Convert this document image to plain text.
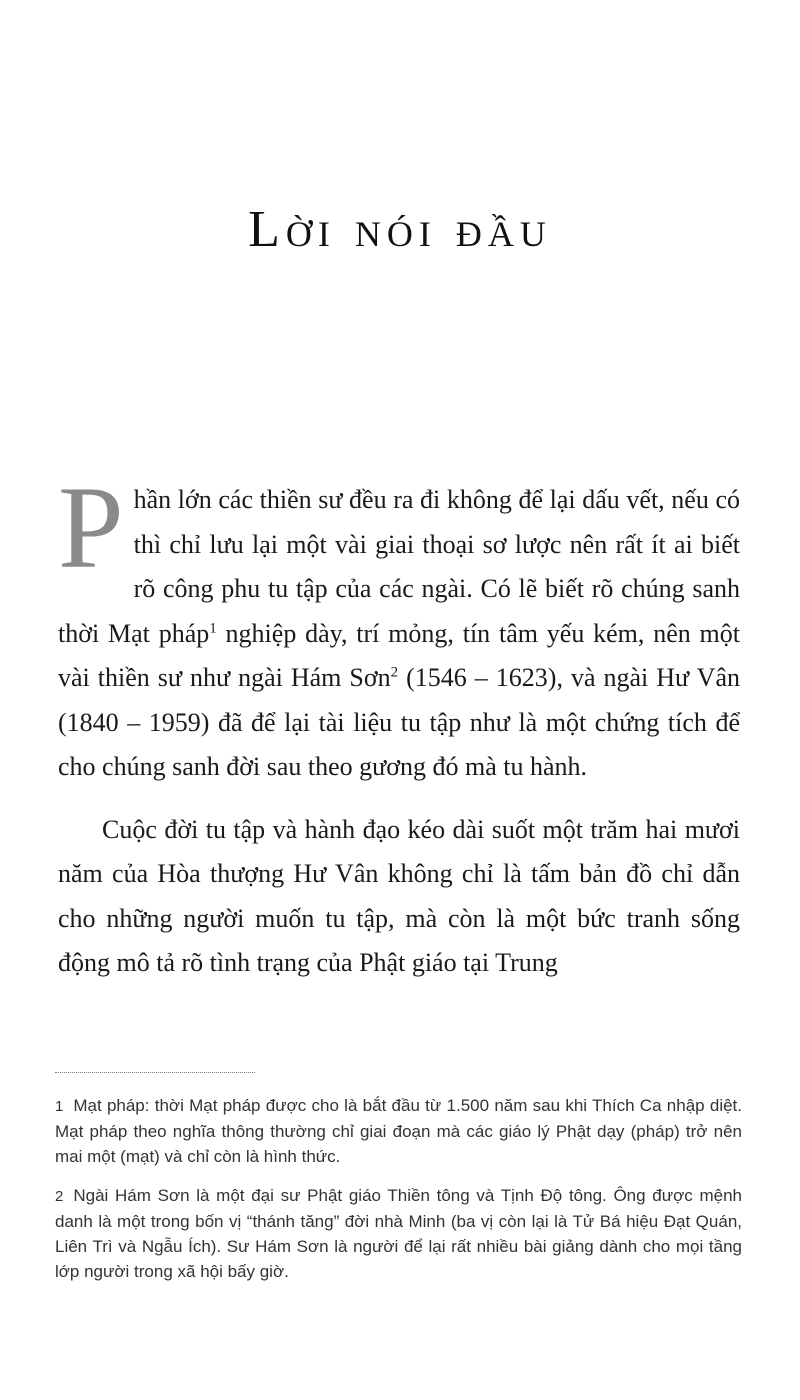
Lời nói đầu

Phần lớn các thiền sư đều ra đi không để lại dấu vết, nếu có thì chỉ lưu lại một vài giai thoại sơ lược nên rất ít ai biết rõ công phu tu tập của các ngài. Có lẽ biết rõ chúng sanh thời Mạt pháp$^1$ nghiệp dày, trí mỏng, tín tâm yếu kém, nên một vài thiền sư như ngài Hám Sơn$^2$ (1546 – 1623), và ngài Hư Vân (1840 – 1959) đã để lại tài liệu tu tập như là một chứng tích để cho chúng sanh đời sau theo gương đó mà tu hành.

Cuộc đời tu tập và hành đạo kéo dài suốt một trăm hai mươi năm của Hòa thượng Hư Vân không chỉ là tấm bản đồ chỉ dẫn cho những người muốn tu tập, mà còn là một bức tranh sống động mô tả rõ tình trạng của Phật giáo tại Trung

1 Mạt pháp: thời Mạt pháp được cho là bắt đầu từ 1.500 năm sau khi Thích Ca nhập diệt. Mạt pháp theo nghĩa thông thường chỉ giai đoạn mà các giáo lý Phật dạy (pháp) trở nên mai một (mạt) và chỉ còn là hình thức.

2 Ngài Hám Sơn là một đại sư Phật giáo Thiền tông và Tịnh Độ tông. Ông được mệnh danh là một trong bốn vị “thánh tăng” đời nhà Minh (ba vị còn lại là Tử Bá hiệu Đạt Quán, Liên Trì và Ngẫu Ích). Sư Hám Sơn là người để lại rất nhiều bài giảng dành cho mọi tầng lớp người trong xã hội bấy giờ.
